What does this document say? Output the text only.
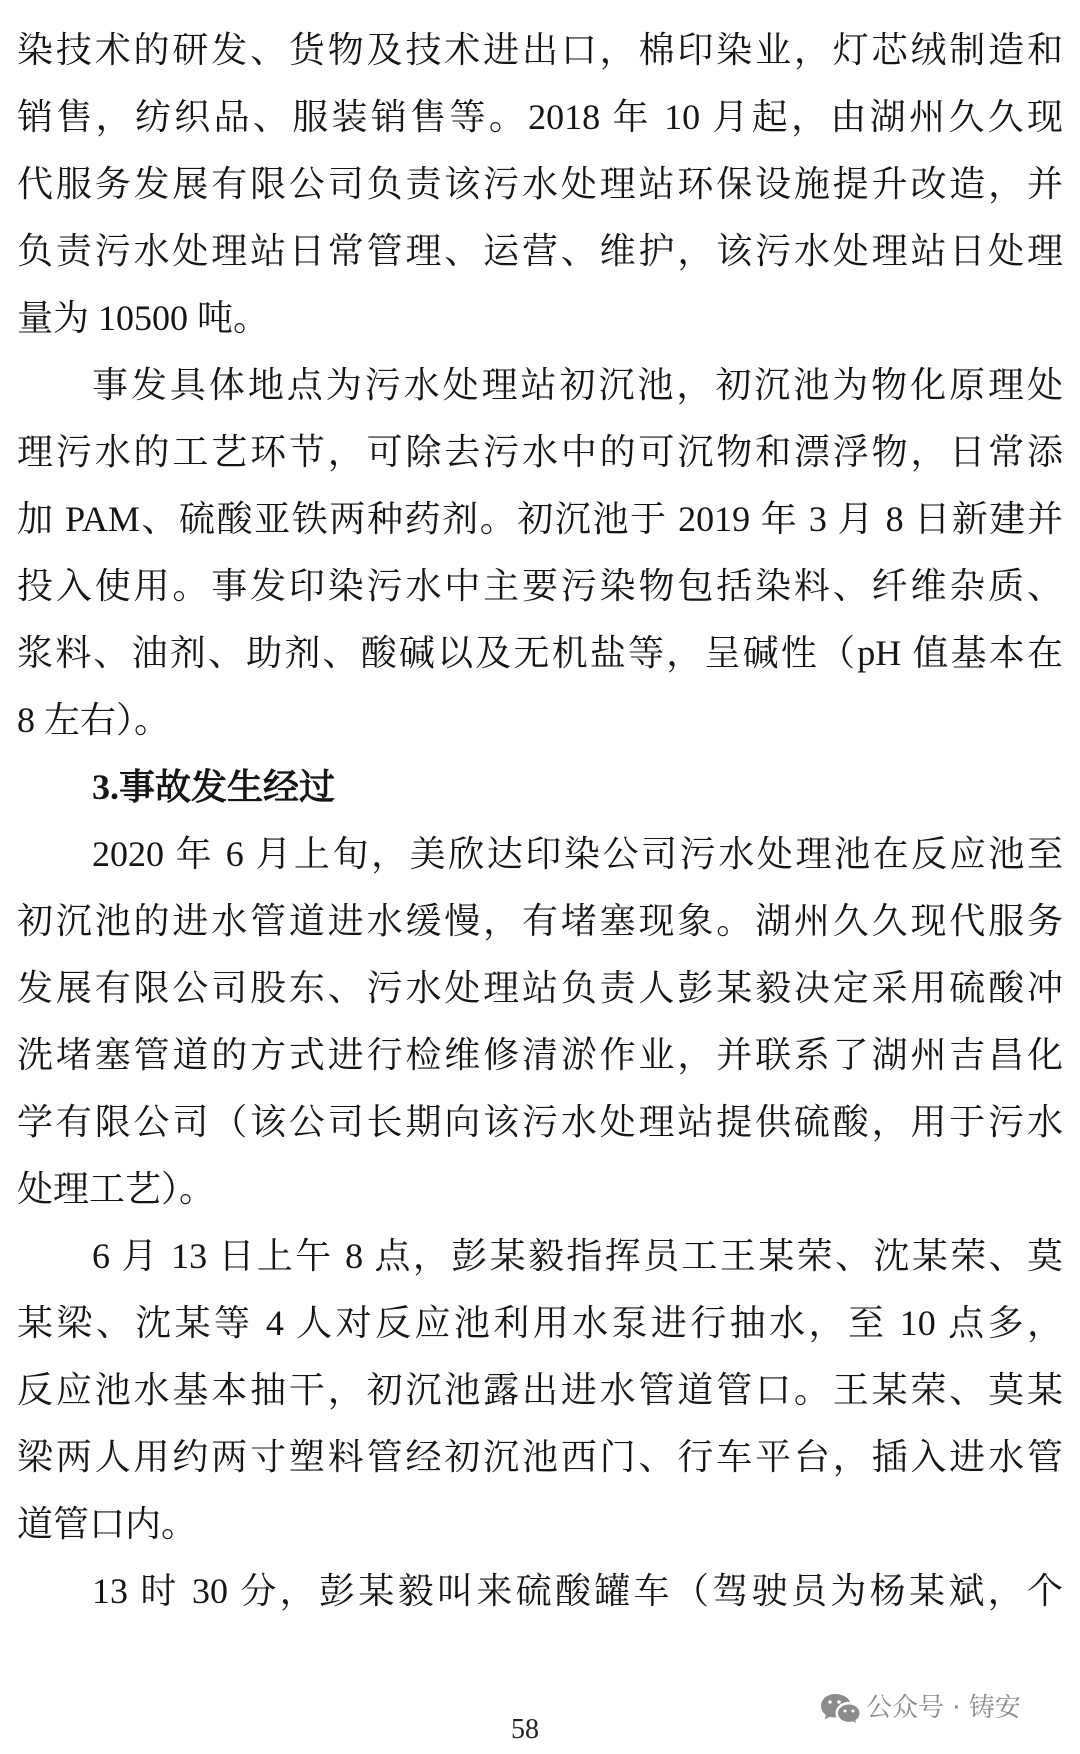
染技术的研发、货物及技术进出口，棉印染业，灯芯绒制造和
销售，纺织品、服装销售等。2018 年 10 月起，由湖州久久现
代服务发展有限公司负责该污水处理站环保设施提升改造，并
负责污水处理站日常管理、运营、维护，该污水处理站日处理
量为 10500 吨。
事发具体地点为污水处理站初沉池，初沉池为物化原理处
理污水的工艺环节，可除去污水中的可沉物和漂浮物，日常添
加 PAM、硫酸亚铁两种药剂。初沉池于 2019 年 3 月 8 日新建并
投入使用。事发印染污水中主要污染物包括染料、纤维杂质、
浆料、油剂、助剂、酸碱以及无机盐等，呈碱性（pH 值基本在
8 左右）。
3.事故发生经过
2020 年 6 月上旬，美欣达印染公司污水处理池在反应池至
初沉池的进水管道进水缓慢，有堵塞现象。湖州久久现代服务
发展有限公司股东、污水处理站负责人彭某毅决定采用硫酸冲
洗堵塞管道的方式进行检维修清淤作业，并联系了湖州吉昌化
学有限公司（该公司长期向该污水处理站提供硫酸，用于污水
处理工艺）。
6 月 13 日上午 8 点，彭某毅指挥员工王某荣、沈某荣、莫
某梁、沈某等 4 人对反应池利用水泵进行抽水，至 10 点多，
反应池水基本抽干，初沉池露出进水管道管口。王某荣、莫某
梁两人用约两寸塑料管经初沉池西门、行车平台，插入进水管
道管口内。
13 时 30 分，彭某毅叫来硫酸罐车（驾驶员为杨某斌，个
58
公众号 · 铸安
